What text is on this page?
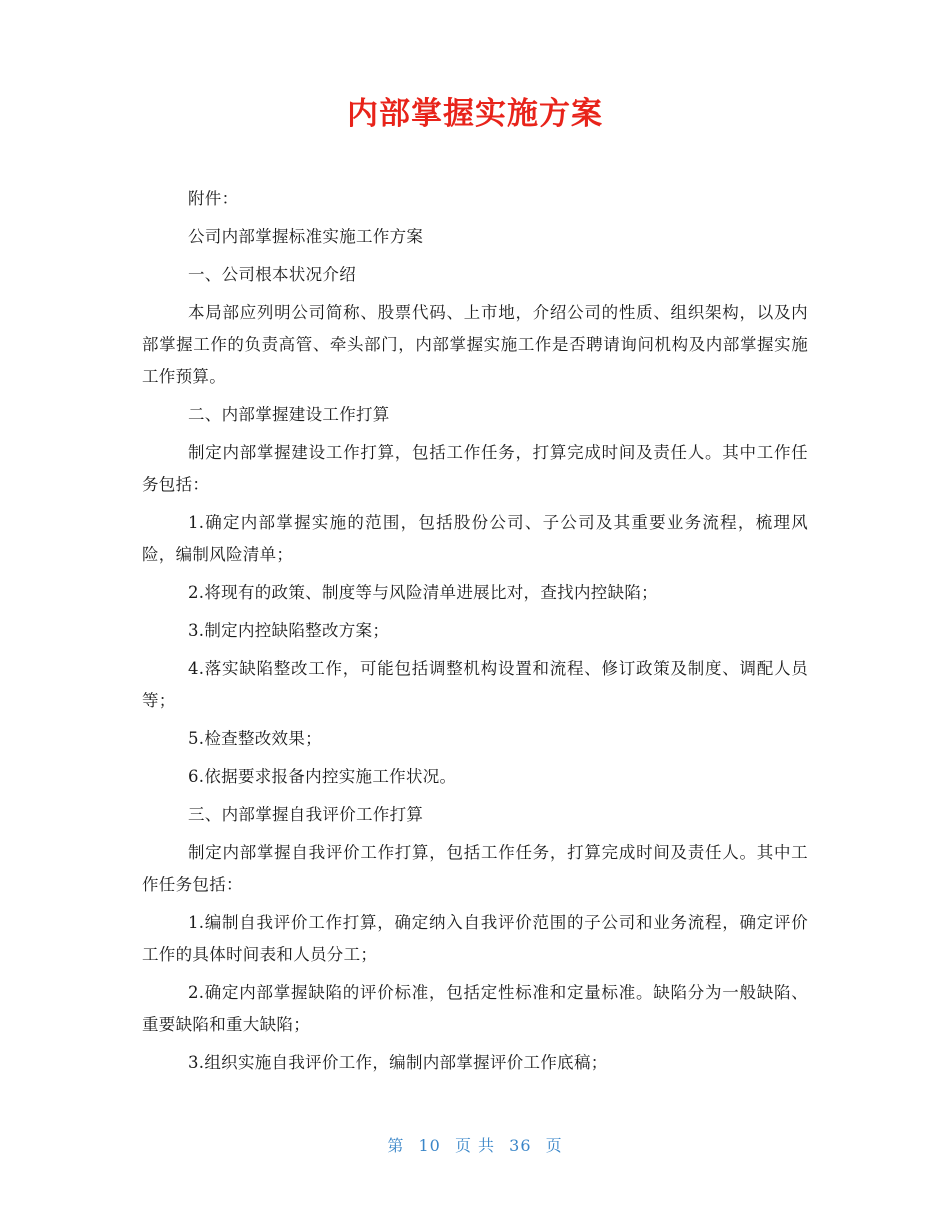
内部掌握实施方案

附件：

公司内部掌握标准实施工作方案

一、公司根本状况介绍

本局部应列明公司简称、股票代码、上市地，介绍公司的性质、组织架构，以及内部掌握工作的负责高管、牵头部门，内部掌握实施工作是否聘请询问机构及内部掌握实施工作预算。

二、内部掌握建设工作打算

制定内部掌握建设工作打算，包括工作任务，打算完成时间及责任人。其中工作任务包括：

1.确定内部掌握实施的范围，包括股份公司、子公司及其重要业务流程，梳理风险，编制风险清单；

2.将现有的政策、制度等与风险清单进展比对，查找内控缺陷；

3.制定内控缺陷整改方案；

4.落实缺陷整改工作，可能包括调整机构设置和流程、修订政策及制度、调配人员等；

5.检查整改效果；

6.依据要求报备内控实施工作状况。

三、内部掌握自我评价工作打算

制定内部掌握自我评价工作打算，包括工作任务，打算完成时间及责任人。其中工作任务包括：

1.编制自我评价工作打算，确定纳入自我评价范围的子公司和业务流程，确定评价工作的具体时间表和人员分工；

2.确定内部掌握缺陷的评价标准，包括定性标准和定量标准。缺陷分为一般缺陷、重要缺陷和重大缺陷；

3.组织实施自我评价工作，编制内部掌握评价工作底稿；

第 10 页 共 36 页
